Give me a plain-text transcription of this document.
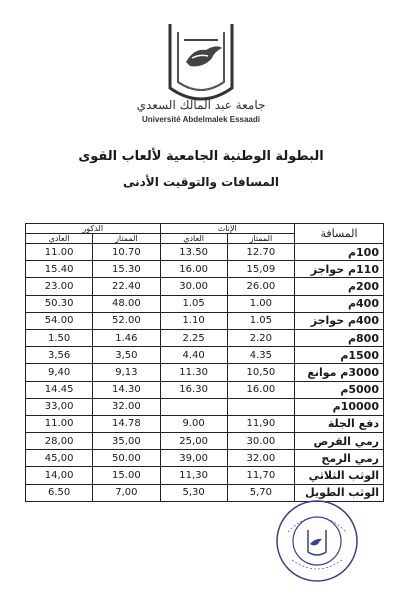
جامعة عبد المالك السعدي
Université Abdelmalek Essaadi
البطولة الوطنية الجامعية لألعاب القوى
المسافات والتوقيت الأدنى
المسافة	الإناث		الذكور	
	الممتاز	العادي	الممتاز	العادي
100م	12.70	13.50	10.70	11.00
110م حواجز	15,09	16.00	15.30	15.40
200م	26.00	30.00	22.40	23.00
400م	1.00	1.05	48.00	50.30
400م حواجز	1.05	1.10	52.00	54.00
800م	2.20	2.25	1.46	1.50
1500م	4.35	4.40	3,50	3,56
3000م موانع	10,50	11.30	9,13	9,40
5000م	16.00	16.30	14.30	14.45
10000م			32.00	33,00
دفع الجلة	11,90	9.00	14.78	11.00
رمي القرص	30.00	25,00	35,00	28,00
رمي الرمح	32.00	39,00	50.00	45,00
الوثب الثلاثي	11,70	11,30	15.00	14,00
الوثب الطويل	5,70	5,30	7,00	6.50
